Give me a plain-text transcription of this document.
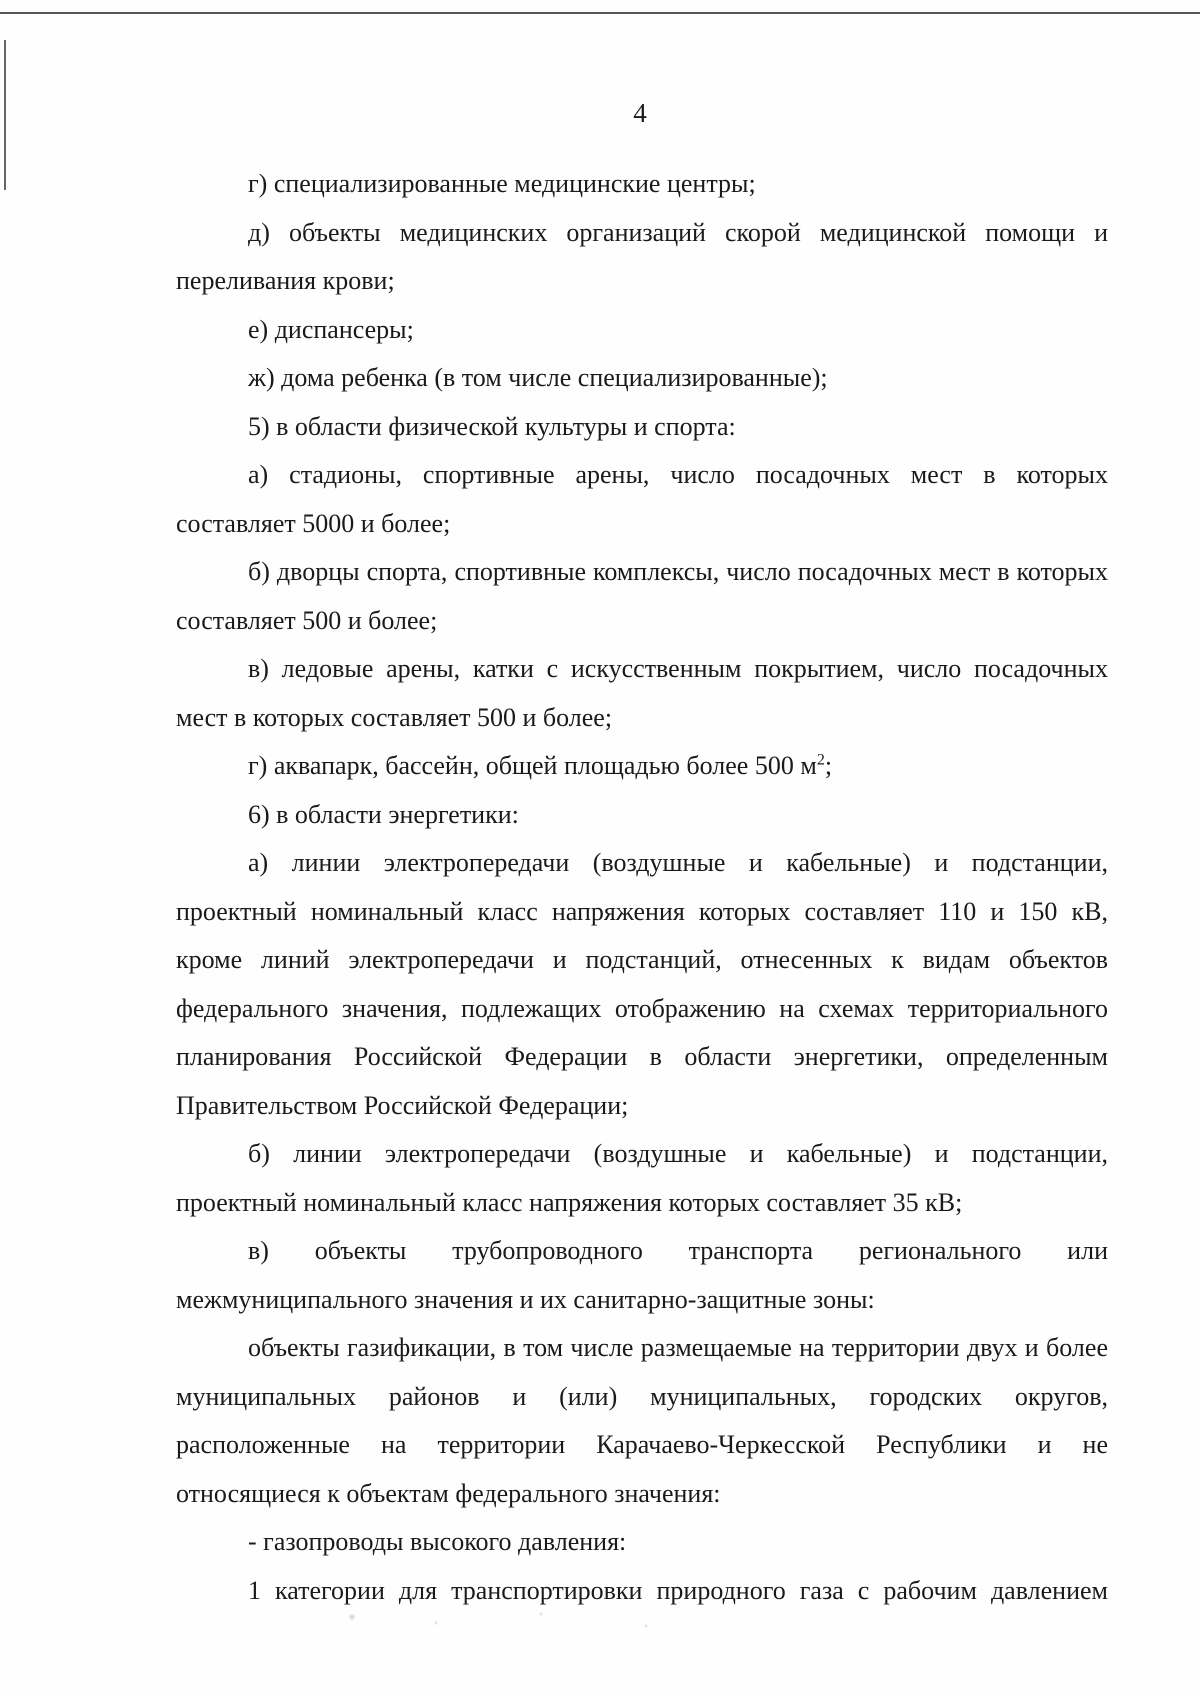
4

г) специализированные медицинские центры;

д) объекты медицинских организаций скорой медицинской помощи и переливания крови;

е) диспансеры;

ж) дома ребенка (в том числе специализированные);

5) в области физической культуры и спорта:

а) стадионы, спортивные арены, число посадочных мест в которых составляет 5000 и более;

б) дворцы спорта, спортивные комплексы, число посадочных мест в которых составляет 500 и более;

в) ледовые арены, катки с искусственным покрытием, число посадочных мест в которых составляет 500 и более;

г) аквапарк, бассейн, общей площадью более 500 $м^2$;

6) в области энергетики:

а) линии электропередачи (воздушные и кабельные) и подстанции, проектный номинальный класс напряжения которых составляет 110 и 150 кВ, кроме линий электропередачи и подстанций, отнесенных к видам объектов федерального значения, подлежащих отображению на схемах территориального планирования Российской Федерации в области энергетики, определенным Правительством Российской Федерации;

б) линии электропередачи (воздушные и кабельные) и подстанции, проектный номинальный класс напряжения которых составляет 35 кВ;

в) объекты трубопроводного транспорта регионального или межмуниципального значения и их санитарно-защитные зоны:

объекты газификации, в том числе размещаемые на территории двух и более муниципальных районов и (или) муниципальных, городских округов, расположенные на территории Карачаево-Черкесской Республики и не относящиеся к объектам федерального значения:

- газопроводы высокого давления:

1 категории для транспортировки природного газа с рабочим давлением
